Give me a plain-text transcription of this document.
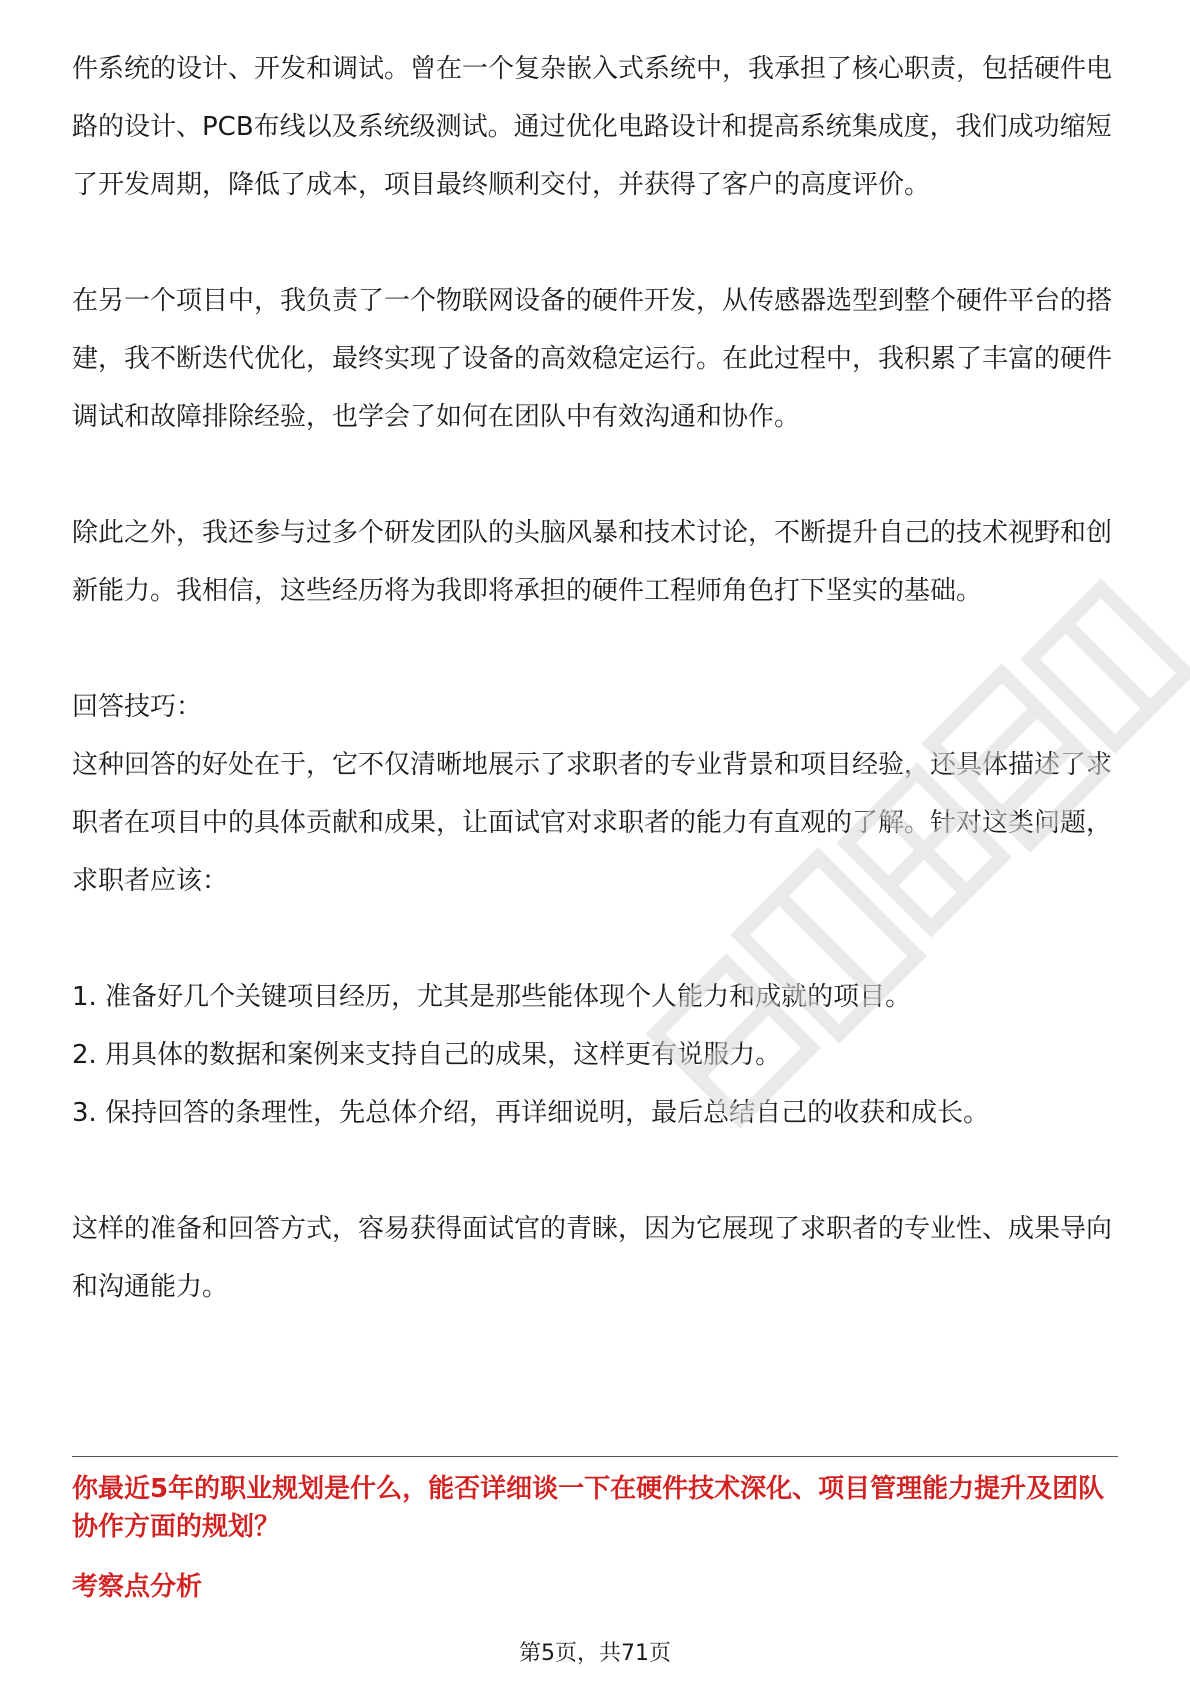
件系统的设计、开发和调试。曾在一个复杂嵌入式系统中，我承担了核心职责，包括硬件电路的设计、PCB布线以及系统级测试。通过优化电路设计和提高系统集成度，我们成功缩短了开发周期，降低了成本，项目最终顺利交付，并获得了客户的高度评价。

在另一个项目中，我负责了一个物联网设备的硬件开发，从传感器选型到整个硬件平台的搭建，我不断迭代优化，最终实现了设备的高效稳定运行。在此过程中，我积累了丰富的硬件调试和故障排除经验，也学会了如何在团队中有效沟通和协作。

除此之外，我还参与过多个研发团队的头脑风暴和技术讨论，不断提升自己的技术视野和创新能力。我相信，这些经历将为我即将承担的硬件工程师角色打下坚实的基础。

回答技巧：

这种回答的好处在于，它不仅清晰地展示了求职者的专业背景和项目经验，还具体描述了求职者在项目中的具体贡献和成果，让面试官对求职者的能力有直观的了解。针对这类问题，求职者应该：

1. 准备好几个关键项目经历，尤其是那些能体现个人能力和成就的项目。

2. 用具体的数据和案例来支持自己的成果，这样更有说服力。

3. 保持回答的条理性，先总体介绍，再详细说明，最后总结自己的收获和成长。

这样的准备和回答方式，容易获得面试官的青睐，因为它展现了求职者的专业性、成果导向和沟通能力。

你最近5年的职业规划是什么，能否详细谈一下在硬件技术深化、项目管理能力提升及团队协作方面的规划？

考察点分析

第5页，共71页
